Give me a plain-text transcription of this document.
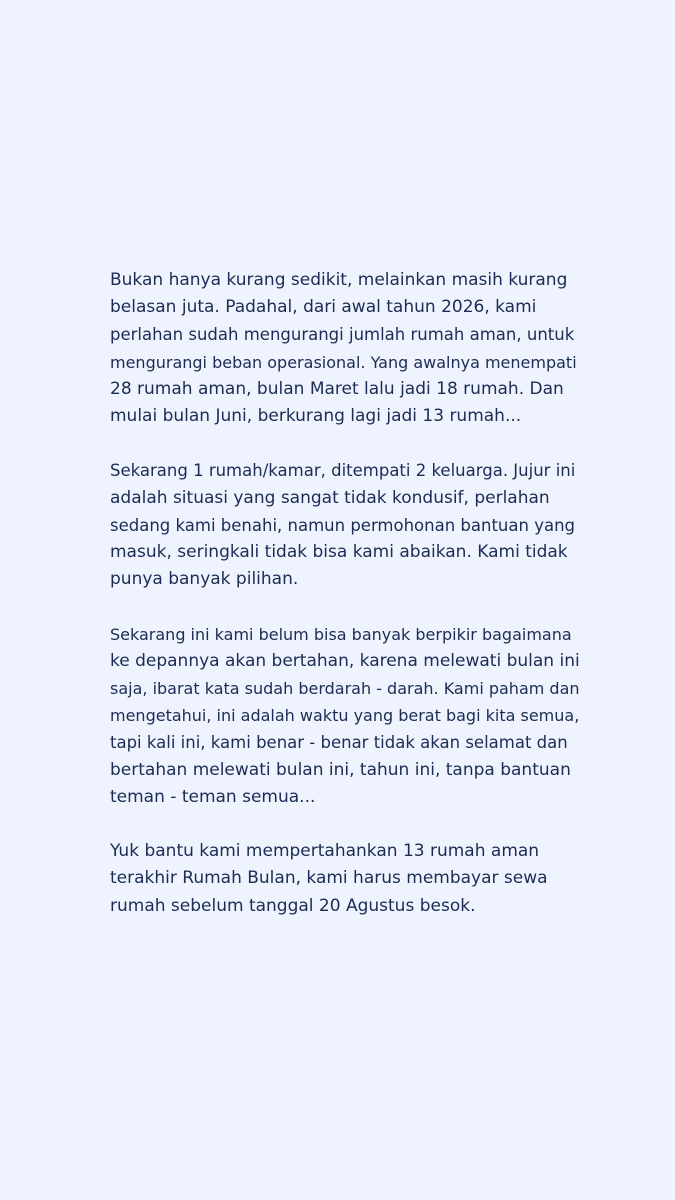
Bukan hanya kurang sedikit, melainkan masih kurang
belasan juta. Padahal, dari awal tahun 2026, kami
perlahan sudah mengurangi jumlah rumah aman, untuk
mengurangi beban operasional. Yang awalnya menempati
28 rumah aman, bulan Maret lalu jadi 18 rumah. Dan
mulai bulan Juni, berkurang lagi jadi 13 rumah...

Sekarang 1 rumah/kamar, ditempati 2 keluarga. Jujur ini
adalah situasi yang sangat tidak kondusif, perlahan
sedang kami benahi, namun permohonan bantuan yang
masuk, seringkali tidak bisa kami abaikan. Kami tidak
punya banyak pilihan.

Sekarang ini kami belum bisa banyak berpikir bagaimana
ke depannya akan bertahan, karena melewati bulan ini
saja, ibarat kata sudah berdarah - darah. Kami paham dan
mengetahui, ini adalah waktu yang berat bagi kita semua,
tapi kali ini, kami benar - benar tidak akan selamat dan
bertahan melewati bulan ini, tahun ini, tanpa bantuan
teman - teman semua...

Yuk bantu kami mempertahankan 13 rumah aman
terakhir Rumah Bulan, kami harus membayar sewa
rumah sebelum tanggal 20 Agustus besok.
